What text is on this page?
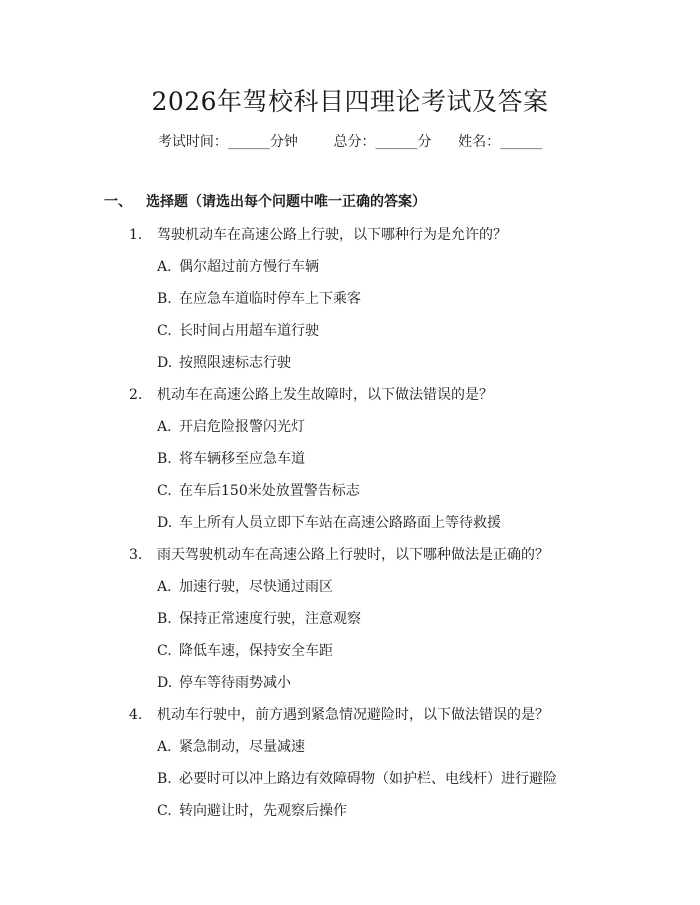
2026年驾校科目四理论考试及答案
考试时间：______分钟	总分：______分 姓名：______
一、 选择题（请选出每个问题中唯一正确的答案）
1. 驾驶机动车在高速公路上行驶，以下哪种行为是允许的？
A. 偶尔超过前方慢行车辆
B. 在应急车道临时停车上下乘客
C. 长时间占用超车道行驶
D. 按照限速标志行驶
2. 机动车在高速公路上发生故障时，以下做法错误的是？
A. 开启危险报警闪光灯
B. 将车辆移至应急车道
C. 在车后150米处放置警告标志
D. 车上所有人员立即下车站在高速公路路面上等待救援
3. 雨天驾驶机动车在高速公路上行驶时，以下哪种做法是正确的？
A. 加速行驶，尽快通过雨区
B. 保持正常速度行驶，注意观察
C. 降低车速，保持安全车距
D. 停车等待雨势减小
4. 机动车行驶中，前方遇到紧急情况避险时，以下做法错误的是？
A. 紧急制动，尽量减速
B. 必要时可以冲上路边有效障碍物（如护栏、电线杆）进行避险
C. 转向避让时，先观察后操作
